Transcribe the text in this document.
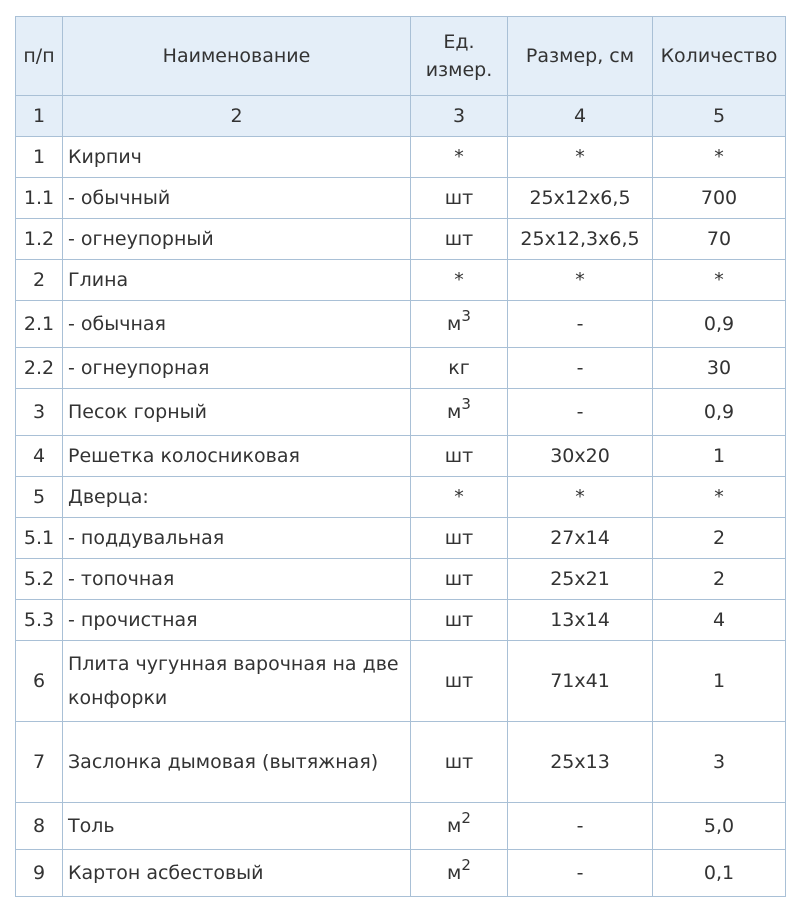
п/п	Наименование	Ед. измер.	Размер, см	Количество
1	2	3	4	5
1	Кирпич	*	*	*
1.1	- обычный	шт	25х12х6,5	700
1.2	- огнеупорный	шт	25х12,3х6,5	70
2	Глина	*	*	*
2.1	- обычная	$м^3$	-	0,9
2.2	- огнеупорная	кг	-	30
3	Песок горный	$м^3$	-	0,9
4	Решетка колосниковая	шт	30х20	1
5	Дверца:	*	*	*
5.1	- поддувальная	шт	27х14	2
5.2	- топочная	шт	25х21	2
5.3	- прочистная	шт	13х14	4
6	Плита чугунная варочная на две конфорки	шт	71х41	1
7	Заслонка дымовая (вытяжная)	шт	25х13	3
8	Толь	$м^2$	-	5,0
9	Картон асбестовый	$м^2$	-	0,1
